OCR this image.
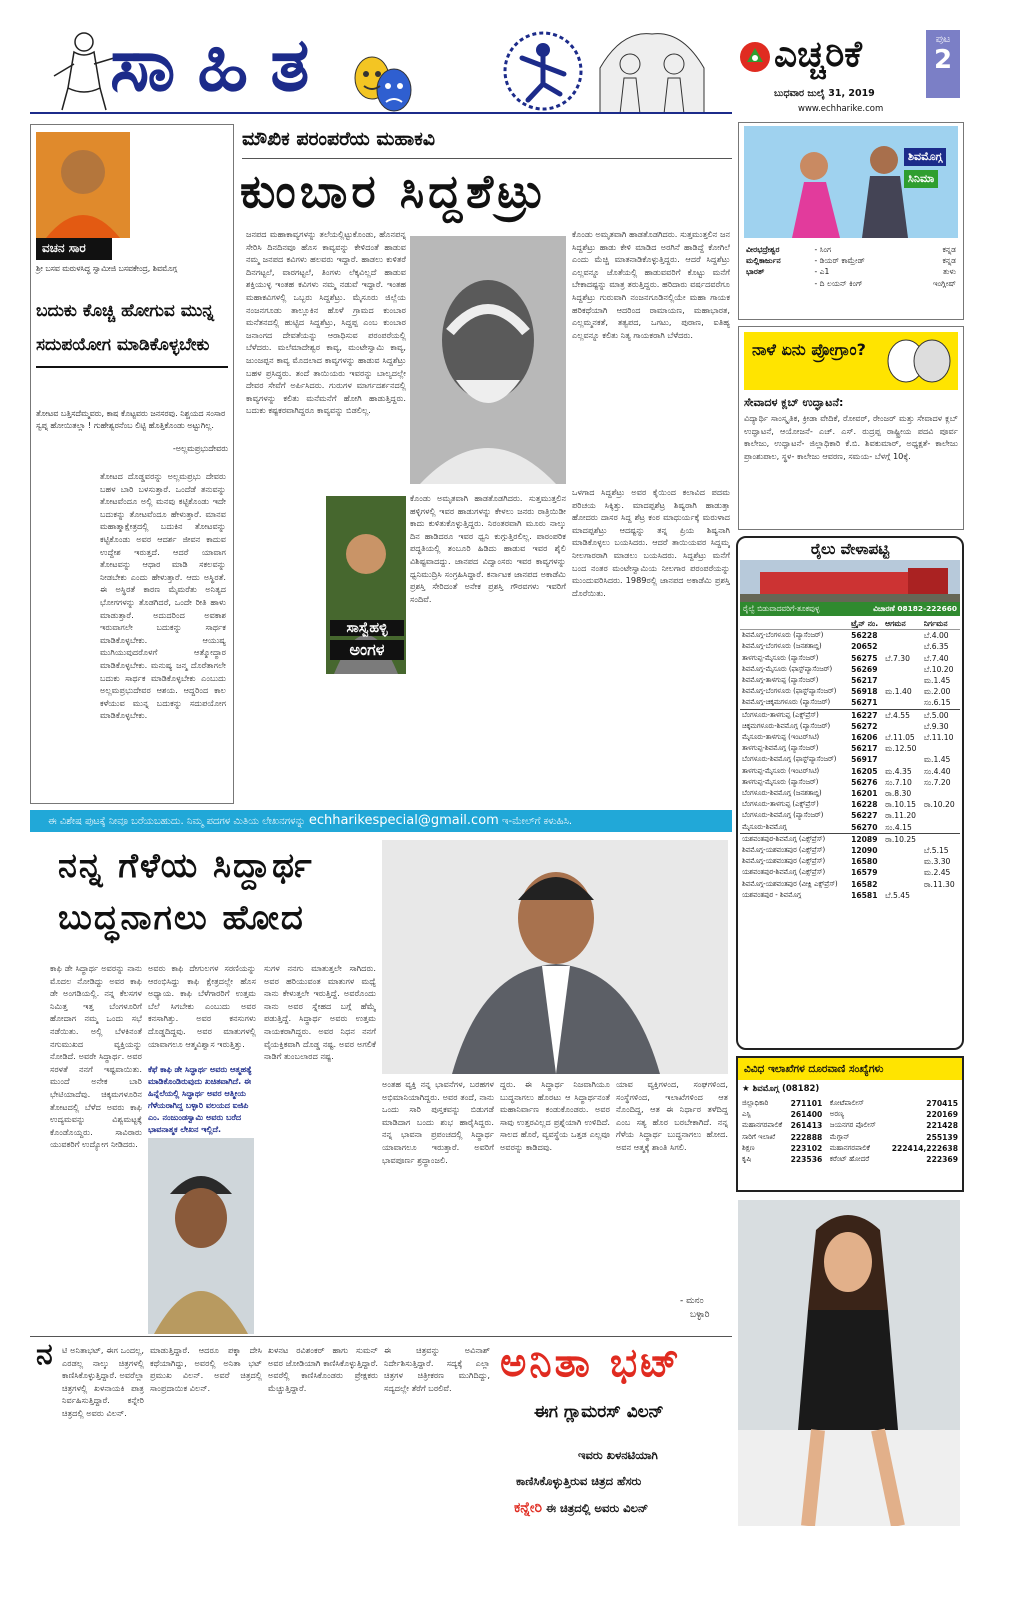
ಸಾಹಿತ	ಎಚ್ಚರಿಕೆ	ಪುಟ
2
ಬುಧವಾರ ಜುಲೈ 31, 2019
www.echharike.com
ವಚನ ಸಾರ
ಶ್ರೀ ಬಸವ ಮರುಳಸಿದ್ಧ ಸ್ವಾಮೀಜಿ ಬಸವಕೇಂದ್ರ, ಶಿವಮೊಗ್ಗ
ಬದುಕು ಕೊಚ್ಚಿ ಹೋಗುವ ಮುನ್ನ ಸದುಪಯೋಗ ಮಾಡಿಕೊಳ್ಳಬೇಕು
ತೋಟವ ಬತ್ತಿಸದೆಮ್ಮವರು, ಕಾಷ ಕೊಟ್ಟವರು ಜನಸರವು. ನಿಶ್ಚಯದ ಸಂಸಾರ ಸ್ವಪ್ನ ಹೋಯಿತಲ್ಲಾ ! ಗುಹೇಶ್ವರನೆಂಬ ಲಿಟ್ಟಿ ಹೊತ್ತಿಕೊಂಡು ಅಟ್ಟುಗಿಲ್ಲ.
-ಅಲ್ಲಮಪ್ರಭುದೇವರು
ತೋಟದ ದೊಡ್ಡವರನ್ನು ಅಲ್ಲಮಪ್ರಭು ದೇವರು ಬಹಳ ಬಾರಿ ಬಳಸುತ್ತಾರೆ. ಒಂದೆಡೆ ತನುವನ್ನು ತೋಟವೆಂದೂ ಅಲ್ಲಿ ಮನವು ಕಟ್ಟಿಕೊಂಡು ಇದೇ ಬದುಕನ್ನು ತೋಟವೆಂದೂ ಹೇಳುತ್ತಾರೆ. ಮಾನವ ಮಹಾತ್ಮಾಕ್ಷೇತ್ರದಲ್ಲಿ ಬದುಕಿನ ತೋಟವನ್ನು ಕಟ್ಟಿಕೊಂಡು ಅವರ ಆದರ್ಶ ಜೀವನ ಕಾದುವ ಉದ್ದೇಶ ಇರುತ್ತದೆ. ಆದರೆ ಯಾವಾಗ ತೋಟವನ್ನು ಆಧಾರ ಮಾಡಿ ಸಕಲವನ್ನು ನೀಡಬೇಕು ಎಂದು ಹೇಳುತ್ತಾರೆ. ಆದು ಅಸ್ಥಿರತೆ. ಈ ಅಸ್ಥಿರತೆ ಕಾರಣ ಮೈಮರೆತು ಅನಿತ್ಯದ ಭೋಗಗಳನ್ನು ತೊಡಗಿದರೆ, ಒಂದೇ ರೀತಿ ಹಾಳು ಮಾಡುತ್ತಾರೆ. ಅದುದರಿಂದ ಅವಕಾಶ ಇರುವಾಗಲೇ ಬದುಕನ್ನು ಸಾರ್ಥಕ ಮಾಡಿಕೊಳ್ಳಬೇಕು. ಆಯುಷ್ಯ ಮುಗಿಯುವುದರೊಳಗೆ ಆತ್ಮೋದ್ಧಾರ ಮಾಡಿಕೊಳ್ಳಬೇಕು. ಮನುಷ್ಯ ಜನ್ಮ ದೊರೆತಾಗಲೇ ಬದುಕು ಸಾರ್ಥಕ ಮಾಡಿಕೊಳ್ಳಬೇಕು ಎಂಬುದು ಅಲ್ಲಮಪ್ರಭುದೇವರ ಆಶಯ. ಆದ್ದರಿಂದ ಕಾಲ ಕಳೆಯುವ ಮುನ್ನ ಬದುಕನ್ನು ಸದುಪಯೋಗ ಮಾಡಿಕೊಳ್ಳಬೇಕು.
ಮೌಖಿಕ ಪರಂಪರೆಯ ಮಹಾಕವಿ
ಕುಂಬಾರ ಸಿದ್ದಶೆಟ್ರು
ಜನಪದ ಮಹಾಕಾವ್ಯಗಳನ್ನು ತಲೆಯಲ್ಲಿಟ್ಟುಕೊಂಡು, ಹೊನಪನ್ನ ಸೇರಿಸಿ ದಿನದಿನವೂ ಹೊಸ ಕಾವ್ಯವನ್ನು ಕೇಳಿದಂತೆ ಹಾಡುವ ನಮ್ಮ ಜನಪದ ಕವಿಗಳು ಹಲವರು ಇದ್ದಾರೆ. ಹಾಡಲು ಕುಳಿತರೆ ದಿನಗಟ್ಟಲೆ, ವಾರಗಟ್ಟಲೆ, ತಿಂಗಳು ಲೆಕ್ಕವಿಲ್ಲದೆ ಹಾಡುವ ಶಕ್ತಿಯುಳ್ಳ ಇಂತಹ ಕವಿಗಳು ನಮ್ಮ ನಡುವೆ ಇದ್ದಾರೆ. ಇಂತಹ ಮಹಾಕವಿಗಳಲ್ಲಿ ಒಬ್ಬರು ಸಿದ್ದಶೆಟ್ರು. ಮೈಸೂರು ಜಿಲ್ಲೆಯ ನಂಜನಗೂಡು ತಾಲ್ಲೂಕಿನ ಹೊಳೆ ಗ್ರಾಮದ ಕುಂಬಾರ ಮನೆತನದಲ್ಲಿ ಹುಟ್ಟಿದ ಸಿದ್ದಶೆಟ್ರು, ಸಿದ್ದಪ್ಪ ಎಂಬ ಕುಂಬಾರ ಜನಾಂಗದ ದೇವತೆಯನ್ನು ಆರಾಧಿಸುವ ಪರಂಪರೆಯಲ್ಲಿ ಬೆಳೆದರು. ಮಲೆಮಾದೇಶ್ವರ ಕಾವ್ಯ, ಮಂಟೇಸ್ವಾಮಿ ಕಾವ್ಯ, ಜುಂಜಪ್ಪನ ಕಾವ್ಯ ಮೊದಲಾದ ಕಾವ್ಯಗಳನ್ನು ಹಾಡುವ ಸಿದ್ದಶೆಟ್ರು ಬಹಳ ಪ್ರಸಿದ್ಧರು. ತಂದೆ ತಾಯಿಯರು ಇವರನ್ನು ಬಾಲ್ಯದಲ್ಲೇ ದೇವರ ಸೇವೆಗೆ ಅರ್ಪಿಸಿದರು. ಗುರುಗಳ ಮಾರ್ಗದರ್ಶನದಲ್ಲಿ ಕಾವ್ಯಗಳನ್ನು ಕಲಿತು ಮನೆಮನೆಗೆ ಹೋಗಿ ಹಾಡುತ್ತಿದ್ದರು. ಬದುಕು ಕಷ್ಟಕರವಾಗಿದ್ದರೂ ಕಾವ್ಯವನ್ನು ಬಿಡಲಿಲ್ಲ.
ಕೊಂಡು ಅಮೃತವಾಗಿ ಹಾಡತೊಡಗಿದರು. ಸುತ್ತಮುತ್ತಲಿನ ಹಳ್ಳಿಗಳಲ್ಲಿ ಇವರ ಹಾಡುಗಳನ್ನು ಕೇಳಲು ಜನರು ರಾತ್ರಿಯಿಡೀ ಕಾದು ಕುಳಿತುಕೊಳ್ಳುತ್ತಿದ್ದರು. ನಿರಂತರವಾಗಿ ಮೂರು ನಾಲ್ಕು ದಿನ ಹಾಡಿದರೂ ಇವರ ಧ್ವನಿ ಕುಗ್ಗುತ್ತಿರಲಿಲ್ಲ. ಪಾರಂಪರಿಕ ಪದ್ಧತಿಯಲ್ಲಿ ತಂಬೂರಿ ಹಿಡಿದು ಹಾಡುವ ಇವರ ಶೈಲಿ ವಿಶಿಷ್ಟವಾದದ್ದು. ಜಾನಪದ ವಿದ್ವಾಂಸರು ಇವರ ಕಾವ್ಯಗಳನ್ನು ಧ್ವನಿಮುದ್ರಿಸಿ ಸಂಗ್ರಹಿಸಿದ್ದಾರೆ. ಕರ್ನಾಟಕ ಜಾನಪದ ಅಕಾಡೆಮಿ ಪ್ರಶಸ್ತಿ ಸೇರಿದಂತೆ ಅನೇಕ ಪ್ರಶಸ್ತಿ ಗೌರವಗಳು ಇವರಿಗೆ ಸಂದಿವೆ.
ಸಾಸ್ವೆಹಳ್ಳಿ
ಅಂಗಳ
ಕೊಂಡು ಅಮೃತವಾಗಿ ಹಾಡತೊಡಗಿದರು. ಸುತ್ತಮುತ್ತಲಿನ ಜನ ಸಿದ್ದಶೆಟ್ರು ಹಾಡು ಕೇಳಿ ಮಾಡಿದ ಅರಗಿನೆ ಹಾಡಿದ್ದೆ ಕೋಗಿಲೆ ಎಂದು ಮೆಚ್ಚಿ ಮಾತನಾಡಿಕೊಳ್ಳುತ್ತಿದ್ದರು. ಆದರೆ ಸಿದ್ದಶೆಟ್ರು ಎಲ್ಲವನ್ನೂ ಜೊತೆಯಲ್ಲಿ ಹಾಡುವವರಿಗೆ ಕೊಟ್ಟು ಮನೆಗೆ ಬೇಕಾದಷ್ಟನ್ನು ಮಾತ್ರ ತರುತ್ತಿದ್ದರು. ಹರಿದಾರು ವರ್ಷದವರೆಗೂ ಸಿದ್ದಶೆಟ್ರು ಗುರುವಾಗಿ ನಂಜನಗೂಡಿನಲ್ಲಿಯೇ ಮಹಾ ಗಾಯಕ ಹರಿಕಥೆಯಾಗಿ ಆದರಿಂದ ರಾಮಾಯಣ, ಮಹಾಭಾರತ, ಎಲ್ಲಮ್ಮನಕತೆ, ತತ್ವಪದ, ಒಗಟು, ಪುರಾಣ, ಐತಿಹ್ಯ ಎಲ್ಲವನ್ನೂ ಕಲಿತು ನಿತ್ಯ ಗಾಯಕರಾಗಿ ಬೆಳೆದರು.
ಒಳಗಾದ ಸಿದ್ದಶೆಟ್ರು ಅವರ ಕೈಯಿಂದ ಕಲಾವಿದ ಪದಮ ಪರಿಚಯ ಸಿಕ್ಕಿತ್ತು. ಮಾದಪ್ಪಶೆಟ್ರ ಶಿಷ್ಯರಾಗಿ ಹಾಡುತ್ತಾ ಹೋದರು ದಾಸರ ಸಿದ್ದ ಶೆಟ್ರ ಕಂಠ ಮಾಧುರ್ಯಕ್ಕೆ ಮರುಳಾದ ಮಾದಪ್ಪಶೆಟ್ರು ಆದಷ್ಟನ್ನು ತನ್ನ ಪ್ರಿಯ ಶಿಷ್ಯನಾಗಿ ಮಾಡಿಕೊಳ್ಳಲು ಬಯಸಿದರು. ಆದರೆ ತಾಯಿಯವರ ಸಿದ್ದಮ್ಮ ನೀಲಗಾರರಾಗಿ ಮಾಡಲು ಬಯಸಿದರು. ಸಿದ್ದಶೆಟ್ರು ಮನೆಗೆ ಬಂದ ನಂತರ ಮಂಟೇಸ್ವಾಮಿಯ ನೀಲಗಾರ ಪರಂಪರೆಯನ್ನು ಮುಂದುವರಿಸಿದರು. 1989ರಲ್ಲಿ ಜಾನಪದ ಅಕಾಡೆಮಿ ಪ್ರಶಸ್ತಿ ದೊರೆಯಿತು.
ಶಿವಮೊಗ್ಗ
ಸಿನಿಮಾ
ವೀರಭದ್ರೇಶ್ವರ	- ಸಿಂಗ	ಕನ್ನಡ
ಮಲ್ಲಿಕಾರ್ಜುನ	- ಡಿಯರ್ ಕಾಮ್ರೇಡ್	ಕನ್ನಡ
ಭಾರತ್	- ಎ1	ತುಳು
	- ದಿ ಲಯನ್ ಕಿಂಗ್	ಇಂಗ್ಲೀಷ್
ನಾಳೆ ಏನು ಪ್ರೋಗ್ರಾಂ?
ಸೇವಾದಳ ಕ್ಲಬ್ ಉದ್ಘಾಟನೆ:
ವಿದ್ಯಾರ್ಥಿ ಸಾಂಸ್ಕೃತಿಕ, ಕ್ರೀಡಾ ವೇದಿಕೆ, ರೋವರ್, ರೇಂಜರ್ ಮತ್ತು ಸೇವಾದಳ ಕ್ಲಬ್ ಉದ್ಘಾಟನೆ, ಆಯೋಜನೆ- ಎಚ್. ಎಸ್. ರುದ್ರಪ್ಪ ರಾಷ್ಟ್ರೀಯ ಪದವಿ ಪೂರ್ವ ಕಾಲೇಜು, ಉದ್ಘಾಟನೆ- ಜಿಲ್ಲಾಧಿಕಾರಿ ಕೆ.ಬಿ. ಶಿವಕುಮಾರ್, ಅಧ್ಯಕ್ಷತೆ- ಕಾಲೇಜು ಪ್ರಾಂಶುಪಾಲ, ಸ್ಥಳ- ಕಾಲೇಜು ಆವರಣ, ಸಮಯ- ಬೆಳಗ್ಗೆ 10ಕ್ಕೆ.
ರೈಲು ವೇಳಾಪಟ್ಟಿ
ರೈಲ್ವೆ ಬಿಡುವಾದವರಿಗೆ-ತೂಕವುಳ್ಳ	ವಿಚಾರಣೆ 08182-222660
	ಟ್ರೈನ್ ನಂ.	ಆಗಮನ	ನಿರ್ಗಮನ
ಶಿವಮೊಗ್ಗ-ಬೆಂಗಳೂರು (ಪ್ಯಾಸೆಂಜರ್)	56228		ಬೆ.4.00
ಶಿವಮೊಗ್ಗ-ಬೆಂಗಳೂರು (ಜನಶತಾಬ್ದಿ)	20652		ಬೆ.6.35
ತಾಳಗುಪ್ಪ-ಮೈಸೂರು (ಪ್ಯಾಸೆಂಜರ್)	56275	ಬೆ.7.30	ಬೆ.7.40
ಶಿವಮೊಗ್ಗ-ಮೈಸೂರು (ಫಾಸ್ಟ್‌ಪ್ಯಾಸೆಂಜರ್)	56269		ಬೆ.10.20
ಶಿವಮೊಗ್ಗ-ತಾಳಗುಪ್ಪ (ಪ್ಯಾಸೆಂಜರ್)	56217		ಮ.1.45
ಶಿವಮೊಗ್ಗ-ಬೆಂಗಳೂರು (ಫಾಸ್ಟ್‌ಪ್ಯಾಸೆಂಜರ್)	56918	ಮ.1.40	ಮ.2.00
ಶಿವಮೊಗ್ಗ-ಚಿಕ್ಕಮಗಳೂರು (ಪ್ಯಾಸೆಂಜರ್)	56271		ಸಂ.6.15
ಬೆಂಗಳೂರು-ತಾಳಗುಪ್ಪ (ಎಕ್ಸ್‌ಪ್ರೆಸ್)	16227	ಬೆ.4.55	ಬೆ.5.00
ಚಿಕ್ಕಮಗಳೂರು-ಶಿವಮೊಗ್ಗ (ಪ್ಯಾಸೆಂಜರ್)	56272		ಬೆ.9.30
ಮೈಸೂರು-ತಾಳಗುಪ್ಪ (ಇಂಟರ್‌ಸಿಟಿ)	16206	ಬೆ.11.05	ಬೆ.11.10
ತಾಳಗುಪ್ಪ-ಶಿವಮೊಗ್ಗ (ಪ್ಯಾಸೆಂಜರ್)	56217	ಮ.12.50	
ಬೆಂಗಳೂರು-ಶಿವಮೊಗ್ಗ (ಫಾಸ್ಟ್‌ಪ್ಯಾಸೆಂಜರ್)	56917		ಮ.1.45
ತಾಳಗುಪ್ಪ-ಮೈಸೂರು (ಇಂಟರ್‌ಸಿಟಿ)	16205	ಮ.4.35	ಸಂ.4.40
ತಾಳಗುಪ್ಪ-ಮೈಸೂರು (ಪ್ಯಾಸೆಂಜರ್)	56276	ಸಂ.7.10	ಸಂ.7.20
ಬೆಂಗಳೂರು-ಶಿವಮೊಗ್ಗ (ಜನಶತಾಬ್ದಿ)	16201	ರಾ.8.30	
ಬೆಂಗಳೂರು-ತಾಳಗುಪ್ಪ (ಎಕ್ಸ್‌ಪ್ರೆಸ್)	16228	ರಾ.10.15	ರಾ.10.20
ಬೆಂಗಳೂರು-ಶಿವಮೊಗ್ಗ (ಪ್ಯಾಸೆಂಜರ್)	56227	ರಾ.11.20	
ಮೈಸೂರು-ಶಿವಮೊಗ್ಗ	56270	ಸಂ.4.15	
ಯಶವಂತಪುರ-ಶಿವಮೊಗ್ಗ (ಎಕ್ಸ್‌ಪ್ರೆಸ್)	12089	ರಾ.10.25	
ಶಿವಮೊಗ್ಗ-ಯಶವಂತಪುರ (ಎಕ್ಸ್‌ಪ್ರೆಸ್)	12090		ಬೆ.5.15
ಶಿವಮೊಗ್ಗ-ಯಶವಂತಪುರ (ಎಕ್ಸ್‌ಪ್ರೆಸ್)	16580		ಮ.3.30
ಯಶವಂತಪುರ-ಶಿವಮೊಗ್ಗ (ಎಕ್ಸ್‌ಪ್ರೆಸ್)	16579		ಮ.2.45
ಶಿವಮೊಗ್ಗ-ಯಶವಂತಪುರ (ವೀಕ್ಲಿ ಎಕ್ಸ್‌ಪ್ರೆಸ್)	16582		ರಾ.11.30
ಯಶವಂತಪುರ - ಶಿವಮೊಗ್ಗ	16581	ಬೆ.5.45	
ವಿವಿಧ ಇಲಾಖೆಗಳ ದೂರವಾಣಿ ಸಂಖ್ಯೆಗಳು
★ ಶಿವಮೊಗ್ಗ (08182)
ಜಿಲ್ಲಾಧಿಕಾರಿ	271101	ಕೋಟೆಪಾಲೀಸ್	270415
ಎಸ್ಪಿ	261400	ಅರಣ್ಯ	220169
ಮಹಾನಗರಪಾಲಿಕೆ	261413	ಜಯನಗರ ಪೊಲೀಸ್	221428
ಸಾರಿಗೆ ಇಲಾಖೆ	222888	ಮೆಗ್ಗಾನ್	255139
ಶಿಕ್ಷಣ	223102	ಮಹಾನಗರಪಾಲಿಕೆ	222414,222638
ಕೃಷಿ	223536	ಕರೆಂಟ್ ಹೋದರೆ	222369
ಈ ವಿಶೇಷ ಪುಟಕ್ಕೆ ನೀವೂ ಬರೆಯಬಹುದು. ನಿಮ್ಮ ಪದಗಳ ಮಿತಿಯ ಲೇಖನಗಳನ್ನು echharikespecial@gmail.com ಇ-ಮೇಲ್‌ಗೆ ಕಳುಹಿಸಿ.
ನನ್ನ ಗೆಳೆಯ ಸಿದ್ದಾರ್ಥ
ಬುದ್ಧನಾಗಲು ಹೋದ
ಕಾಫಿ ಡೇ ಸಿದ್ಧಾರ್ಥ ಅವರನ್ನು ನಾನು ಮೊದಲ ನೋಡಿದ್ದು ಅವರ ಕಾಫಿ ಡೇ ಅಂಗಡಿಯಲ್ಲಿ. ನನ್ನ ಕೆಲಸಗಳ ನಿಮಿತ್ತ ಇತ್ತ ಬೆಂಗಳೂರಿಗೆ ಹೋದಾಗ ನಮ್ಮ ಒಂದು ಸಭೆ ನಡೆಯಿತು. ಅಲ್ಲಿ ಬೆಳಕಿನಂತೆ ನಗುಮುಖದ ವ್ಯಕ್ತಿಯನ್ನು ನೋಡಿದೆ. ಅವರೇ ಸಿದ್ಧಾರ್ಥ. ಅವರ ಸರಳತೆ ನನಗೆ ಇಷ್ಟವಾಯಿತು. ಮುಂದೆ ಅನೇಕ ಬಾರಿ ಭೇಟಿಯಾದೆವು. ಚಿಕ್ಕಮಗಳೂರಿನ ತೋಟದಲ್ಲಿ ಬೆಳೆದ ಅವರು ಕಾಫಿ ಉದ್ಯಮವನ್ನು ವಿಶ್ವಮಟ್ಟಕ್ಕೆ ಕೊಂಡೊಯ್ದರು. ಸಾವಿರಾರು ಯುವಕರಿಗೆ ಉದ್ಯೋಗ ನೀಡಿದರು.
ಅವರು ಕಾಫಿ ದೇಗುಲಗಳ ಸರಣಿಯನ್ನು ಆರಂಭಿಸಿದ್ದು ಕಾಫಿ ಕ್ಷೇತ್ರದಲ್ಲೇ ಹೊಸ ಅಧ್ಯಾಯ. ಕಾಫಿ ಬೆಳೆಗಾರರಿಗೆ ಉತ್ತಮ ಬೆಲೆ ಸಿಗಬೇಕು ಎಂಬುದು ಅವರ ಕನಸಾಗಿತ್ತು. ಅವರ ಕನಸುಗಳು ದೊಡ್ಡದಿದ್ದವು. ಅವರ ಮಾತುಗಳಲ್ಲಿ ಯಾವಾಗಲೂ ಆತ್ಮವಿಶ್ವಾಸ ಇರುತ್ತಿತ್ತು.
ಸುಗಳ ನನಗು ಮಾತುತ್ತಲೇ ಸಾಗಿದರು. ಅವರ ಹರಿಯುವಂತ ಮಾತುಗಳ ಮಧ್ಯೆ ನಾನು ಕೇಳುತ್ತಲೇ ಇರುತ್ತಿದ್ದೆ. ಅವರೊಂದು ನಾನು ಅವರ ಸ್ನೇಹದ ಬಗ್ಗೆ ಹೆಮ್ಮೆ ಪಡುತ್ತಿದ್ದೆ. ಸಿದ್ಧಾರ್ಥ ಅವರು ಉತ್ತಮ ನಾಯಕರಾಗಿದ್ದರು. ಅವರ ನಿಧನ ನನಗೆ ವೈಯಕ್ತಿಕವಾಗಿ ದೊಡ್ಡ ನಷ್ಟ. ಅವರ ಅಗಲಿಕೆ ನಾಡಿಗೆ ತುಂಬಲಾರದ ನಷ್ಟ.
ಕೆಫೆ ಕಾಫಿ ಡೇ ಸಿದ್ಧಾರ್ಥ ಅವರು ಆತ್ಮಹತ್ಯೆ ಮಾಡಿಕೊಂಡಿರುವುದು ಖಚಿತವಾಗಿದೆ. ಈ ಹಿನ್ನೆಲೆಯಲ್ಲಿ ಸಿದ್ಧಾರ್ಥ ಅವರ ಆತ್ಮೀಯ ಗೆಳೆಯರಾಗಿದ್ದ ಬಳ್ಳಾರಿ ವಲಯದ ಐಜಿಪಿ ಎಂ. ನಂಜುಂಡಸ್ವಾಮಿ ಅವರು ಬರೆದ ಭಾವನಾತ್ಮಕ ಲೇಖನ ಇಲ್ಲಿದೆ.
ಅಂತಹ ವ್ಯಕ್ತಿ ನನ್ನ ಭಾವನೆಗಳ, ಬರಹಗಳ ಅಭಿಮಾನಿಯಾಗಿದ್ದರು. ಅವರ ತಂದೆ, ನಾನು ಒಂದು ಸಾರಿ ಪುಸ್ತಕವನ್ನು ಬಿಡುಗಡೆ ಮಾಡಿದಾಗ ಬಂದು ಶುಭ ಹಾರೈಸಿದ್ದರು. ನನ್ನ ಭಾವನಾ ಪ್ರಪಂಚದಲ್ಲಿ ಸಿದ್ಧಾರ್ಥ ಯಾವಾಗಲೂ ಇರುತ್ತಾರೆ. ಅವರಿಗೆ ಭಾವಪೂರ್ಣ ಶ್ರದ್ಧಾಂಜಲಿ.
ದ್ದರು. ಈ ಸಿದ್ಧಾರ್ಥ ನಿಜವಾಗಿಯೂ ಬುದ್ಧನಾಗಲು ಹೊರಟು ಆ ಸಿದ್ಧಾರ್ಥನಂತೆ ಮಹಾನಿರ್ವಾಣ ಕಂಡುಕೊಂಡರು. ಅವರ ಸಾವು ಉತ್ತರವಿಲ್ಲದ ಪ್ರಶ್ನೆಯಾಗಿ ಉಳಿದಿದೆ. ಸಾಲದ ಹೊರೆ, ವ್ಯವಸ್ಥೆಯ ಒತ್ತಡ ಎಲ್ಲವೂ ಅವರನ್ನು ಕಾಡಿದವು.
ಯಾವ ವ್ಯಕ್ತಿಗಳಂದ, ಸಂಘಗಳಿಂದ, ಸಂಸ್ಥೆಗಳಿಂದ, ಇಲಾಖೆಗಳಿಂದ ಆತ ನೊಂದಿದ್ದ, ಆತ ಈ ನಿರ್ಧಾರ ತಳೆದಿದ್ದ ಎಂಬ ಸತ್ಯ ಹೊರ ಬರಬೇಕಾಗಿದೆ. ನನ್ನ ಗೆಳೆಯ ಸಿದ್ಧಾರ್ಥ ಬುದ್ಧನಾಗಲು ಹೋದ. ಅವನ ಆತ್ಮಕ್ಕೆ ಶಾಂತಿ ಸಿಗಲಿ.
- ಮನಂ
ಬಳ್ಳಾರಿ
ನ ಟಿ ಅನಿತಾಭಟ್, ಈಗ ಒಂದಲ್ಲ, ಎರಡಲ್ಲ ನಾಲ್ಕು ಚಿತ್ರಗಳಲ್ಲಿ ಕಾಣಿಸಿಕೊಳ್ಳುತ್ತಿದ್ದಾರೆ. ಅವರೆಲ್ಲಾ ಚಿತ್ರಗಳಲ್ಲಿ ಖಳನಾಯಕಿ ಪಾತ್ರ ನಿರ್ವಹಿಸುತ್ತಿದ್ದಾರೆ. ಕನ್ನೇರಿ ಚಿತ್ರದಲ್ಲಿ ಅವರು ವಿಲನ್.
ಮಾಡುತ್ತಿದ್ದಾರೆ. ಆದರೂ ಪಕ್ಕಾ ದೇಸಿ ಕಥೆಯಾಗಿದ್ದು, ಅವರಲ್ಲಿ ಅನಿತಾ ಭಟ್ ಪ್ರಮುಖ ವಿಲನ್. ಅವರೆ ಚಿತ್ರದಲ್ಲಿ ಸಾಂಪ್ರದಾಯಿಕ ವಿಲನ್.
ಖಳನಟ ರವಿಶಂಕರ್ ಹಾಗು ಸುಮನ್ ಅವರ ಜೋಡಿಯಾಗಿ ಕಾಣಿಸಿಕೊಳ್ಳುತ್ತಿದ್ದಾರೆ. ಅವರೆಲ್ಲಿ ಕಾಣಿಸಿಕೊಂಡರು ಪ್ರೇಕ್ಷಕರು ಮೆಚ್ಚುತ್ತಿದ್ದಾರೆ.
ಈ ಚಿತ್ರವನ್ನು ಅವಿನಾಶ್ ನಿರ್ದೇಶಿಸುತ್ತಿದ್ದಾರೆ. ಸದ್ಯಕ್ಕೆ ಎಲ್ಲಾ ಚಿತ್ರಗಳ ಚಿತ್ರೀಕರಣ ಮುಗಿದಿದ್ದು, ಸದ್ಯದಲ್ಲೇ ತೆರೆಗೆ ಬರಲಿವೆ.
ಅನಿತಾ ಭಟ್
ಈಗ ಗ್ಲಾಮರಸ್ ವಿಲನ್
ಇವರು ಖಳನಟಿಯಾಗಿ
ಕಾಣಿಸಿಕೊಳ್ಳುತ್ತಿರುವ ಚಿತ್ರದ ಹೆಸರು
ಕನ್ನೇರಿ ಈ ಚಿತ್ರದಲ್ಲಿ ಅವರು ವಿಲನ್
